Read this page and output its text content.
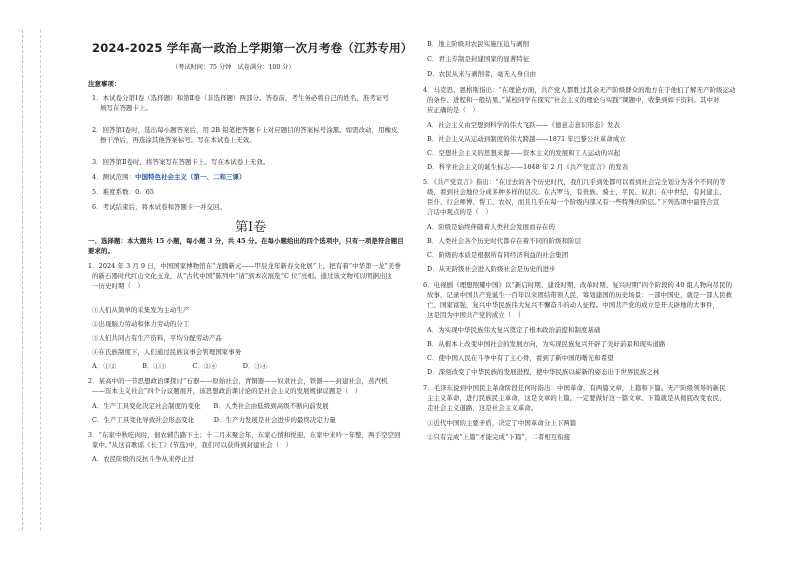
2024-2025 学年高一政治上学期第一次月考卷（江苏专用）
（考试时间：75 分钟　试卷满分：100 分）
注意事项：
1．本试卷分第Ⅰ卷（选择题）和第Ⅱ卷（非选择题）两部分。答卷前，考生务必将自己的姓名、准考证号
填写在答题卡上。
2．回答第Ⅰ卷时，选出每小题答案后，用 2B 铅笔把答题卡上对应题目的答案标号涂黑。如需改动，用橡皮
擦干净后，再选涂其他答案标号。写在本试卷上无效。
3．回答第Ⅱ卷时，将答案写在答题卡上。写在本试卷上无效。
4．测试范围：中国特色社会主义（第一、二和三课）
5．难度系数：0．65
6．考试结束后，将本试卷和答题卡一并交回。
第Ⅰ卷
一、选择题：本大题共 15 小题，每小题 3 分，共 45 分。在每小题给出的四个选项中，只有一项是符合题目
要求的。
1．2024 年 3 月 9 日，中国国家博物馆在“龙腾新元——甲辰龙年新春文化展”上，把有着“中华第一龙”美誉
的新石器时代红山文化玉龙，从“古代中国”陈列中“请”到本次展览“C 位”亮相。通过该文物可以明据出这
一历史时期（　）
①人们从简单的采集发为主动生产
②出现脑力劳动和体力劳动的分工
③人们共同占有生产资料，平均分配劳动产品
④在氏族制度下，人们通过民族议事会管理国家事务
A．①②　　　　B．①③　　　　C．②④　　　　D．③④
2．某高中的一节思想政治课探讨“石器——原始社会，青铜器——奴隶社会，铁器——封建社会，蒸汽机
——资本主义社会”四个分议题展开，该思想政治课讨论的是社会主义的发展规律议题是（　）
A．生产工具变化决定社会制度的变化　　B．人类社会由低级到高级不断向前发展
C．生产工具变化导致社会形态变化　　　D．生产力发展是社会进步的最终决定力量
3．“东家中秋吃肉时，佃农辅告路下土；十二月末聚会年，东家心情和悦迎，东家中来吟一年整，两手空空回
家中。”从这首歌谣《长工》(节选)中，我们可以获得到封建社会（　）
A．农民阶级的反抗斗争从来停止过
B．地主阶级对农民实施压迫与剥削
C．君主专制是封建国家的显著特征
D．农民从来与剥削者，毫无人身自由
4．马克思、恩格斯指出：“在理论方面，共产党人都胜过其余无产阶级群众的地方在于他们了解无产阶级运动
的条件、进程和一般结果。”某校同学在探究“社会主义的理论与实践”课题中，收集到如下资料。其中对
应正确的是（　）
A．社会主义由空想到科学的伟大飞跃——《德意志意识形态》发表
B．社会主义从运动到制度的伟大跨越——1871 年巴黎公社革命成立
C．空想社会主义的思想来源——资本主义的发展和工人运动的兴起
D．科学社会主义的诞生标志——1848 年 2 月《共产党宣言》的发表
5．《共产党宣言》指出：“在过去的各个历史时代，我们几乎到处都可以看到社会完全划分为各个不同的等
级，看到社会地位分成多种多样的层次。在古罗马，有贵族、骑士、平民、奴隶；在中世纪，有封建主、
臣仆、行会师傅、帮工、农奴，而且几乎在每一个阶级内部又有一些特殊的阶层。”下列选项中最符合宣
言话中观点的是（　）
A．阶级是始终伴随着人类社会发展而存在的
B．人类社会各个历史时代都存在着不同的阶级和阶层
C．阶级的本质是根据所有同经济利益的社会集团
D．从无阶级社会进入阶级社会是历史的进步
6．电视剧《理想照耀中国》以“新启时期、建设时期、改革时期、复兴时期”四个阶段的 40 组人物向尽民的
故事，记录中国共产党诞生一百年以来团结带领人民，筹划建国的历史场景：一部中国史，就是一部人民救
亡、国家富强，复兴中华民族伟大复兴不懈奋斗的动人征程。中国共产党的成立是开天辟地的大事件，
这是因为中国共产党的成立（　）
A．为实现中华民族伟大复兴奠定了根本政治前提和制度基础
B．从根本上改变中国社会的发展方向，为实现民族复兴开辟了美好前景和现实道路
C．使中国人民在斗争中有了主心骨，看到了新中国的曙光和希望
D．深刻改变了中华民族的发展进程，使中华民族以崭新的姿态出于世界民族之林
7．毛泽东说到中国民主革命阶段任何时指出：中国革命，有两篇文章，上篇和下篇。无产阶级领导的新民
主主义革命，进行民族民主革命，这是文章的上篇，一定要做好这一篇文章。下篇就是从彻底改变农民，
走社会主义道路，这是社会主义革命。
①近代中国的主要矛盾，决定了中国革命分上下两篇
②只有完成“上篇”才能完成“下篇”，二者相互衔接
